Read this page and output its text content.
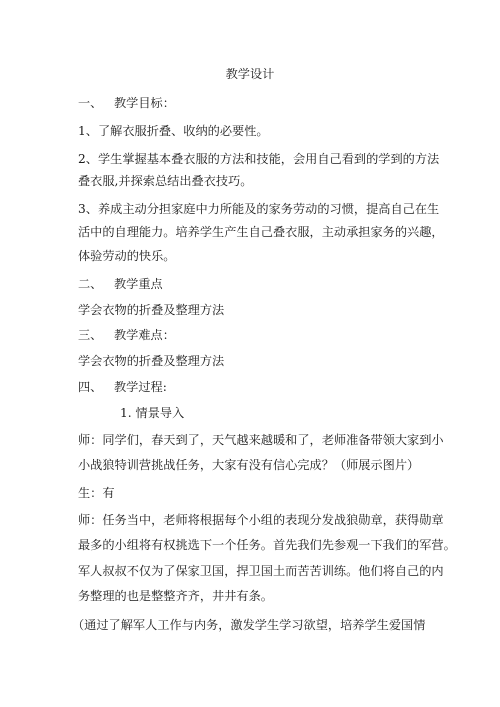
教学设计
一、 教学目标：
1、了解衣服折叠、收纳的必要性。
2、学生掌握基本叠衣服的方法和技能，会用自己看到的学到的方法
叠衣服,并探索总结出叠衣技巧。
3、养成主动分担家庭中力所能及的家务劳动的习惯，提高自己在生
活中的自理能力。培养学生产生自己叠衣服，主动承担家务的兴趣，
体验劳动的快乐。
二、 教学重点
学会衣物的折叠及整理方法
三、 教学难点：
学会衣物的折叠及整理方法
四、 教学过程:
1. 情景导入
师：同学们，春天到了，天气越来越暖和了，老师准备带领大家到小
小战狼特训营挑战任务，大家有没有信心完成？（师展示图片）
生：有
师：任务当中，老师将根据每个小组的表现分发战狼勋章，获得勋章
最多的小组将有权挑选下一个任务。首先我们先参观一下我们的军营。
军人叔叔不仅为了保家卫国，捍卫国土而苦苦训练。他们将自己的内
务整理的也是整整齐齐，井井有条。
（通过了解军人工作与内务，激发学生学习欲望，培养学生爱国情
